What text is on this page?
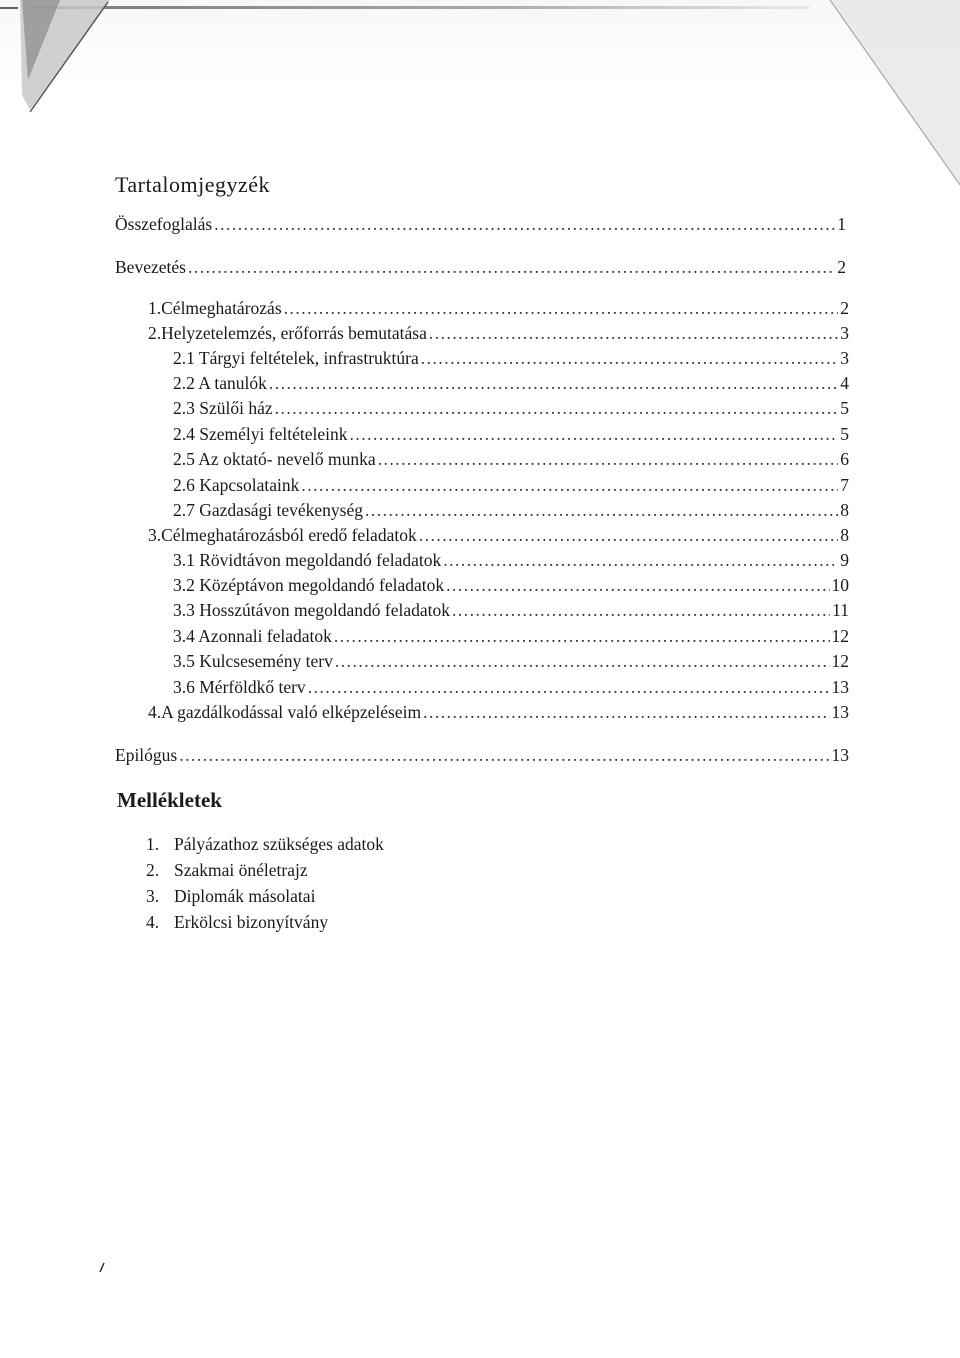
Tartalomjegyzék
Összefoglalás .....	1
Bevezetés .....	2
1. Célmeghatározás .....	2
2. Helyzetelemzés, erőforrás bemutatása .....	3
2.1 Tárgyi feltételek, infrastruktúra .....	3
2.2 A tanulók .....	4
2.3 Szülői ház .....	5
2.4 Személyi feltételeink .....	5
2.5 Az oktató- nevelő munka .....	6
2.6 Kapcsolataink .....	7
2.7 Gazdasági tevékenység .....	8
3. Célmeghatározásból eredő feladatok .....	8
3.1 Rövidtávon megoldandó feladatok .....	9
3.2 Középtávon megoldandó feladatok .....	10
3.3 Hosszútávon megoldandó feladatok .....	11
3.4 Azonnali feladatok .....	12
3.5 Kulcsesemény terv .....	12
3.6 Mérföldkő terv .....	13
4. A gazdálkodással való elképzeléseim .....	13
Epilógus .....	13
Mellékletek
1. Pályázathoz szükséges adatok
2. Szakmai önéletrajz
3. Diplomák másolatai
4. Erkölcsi bizonyítvány
